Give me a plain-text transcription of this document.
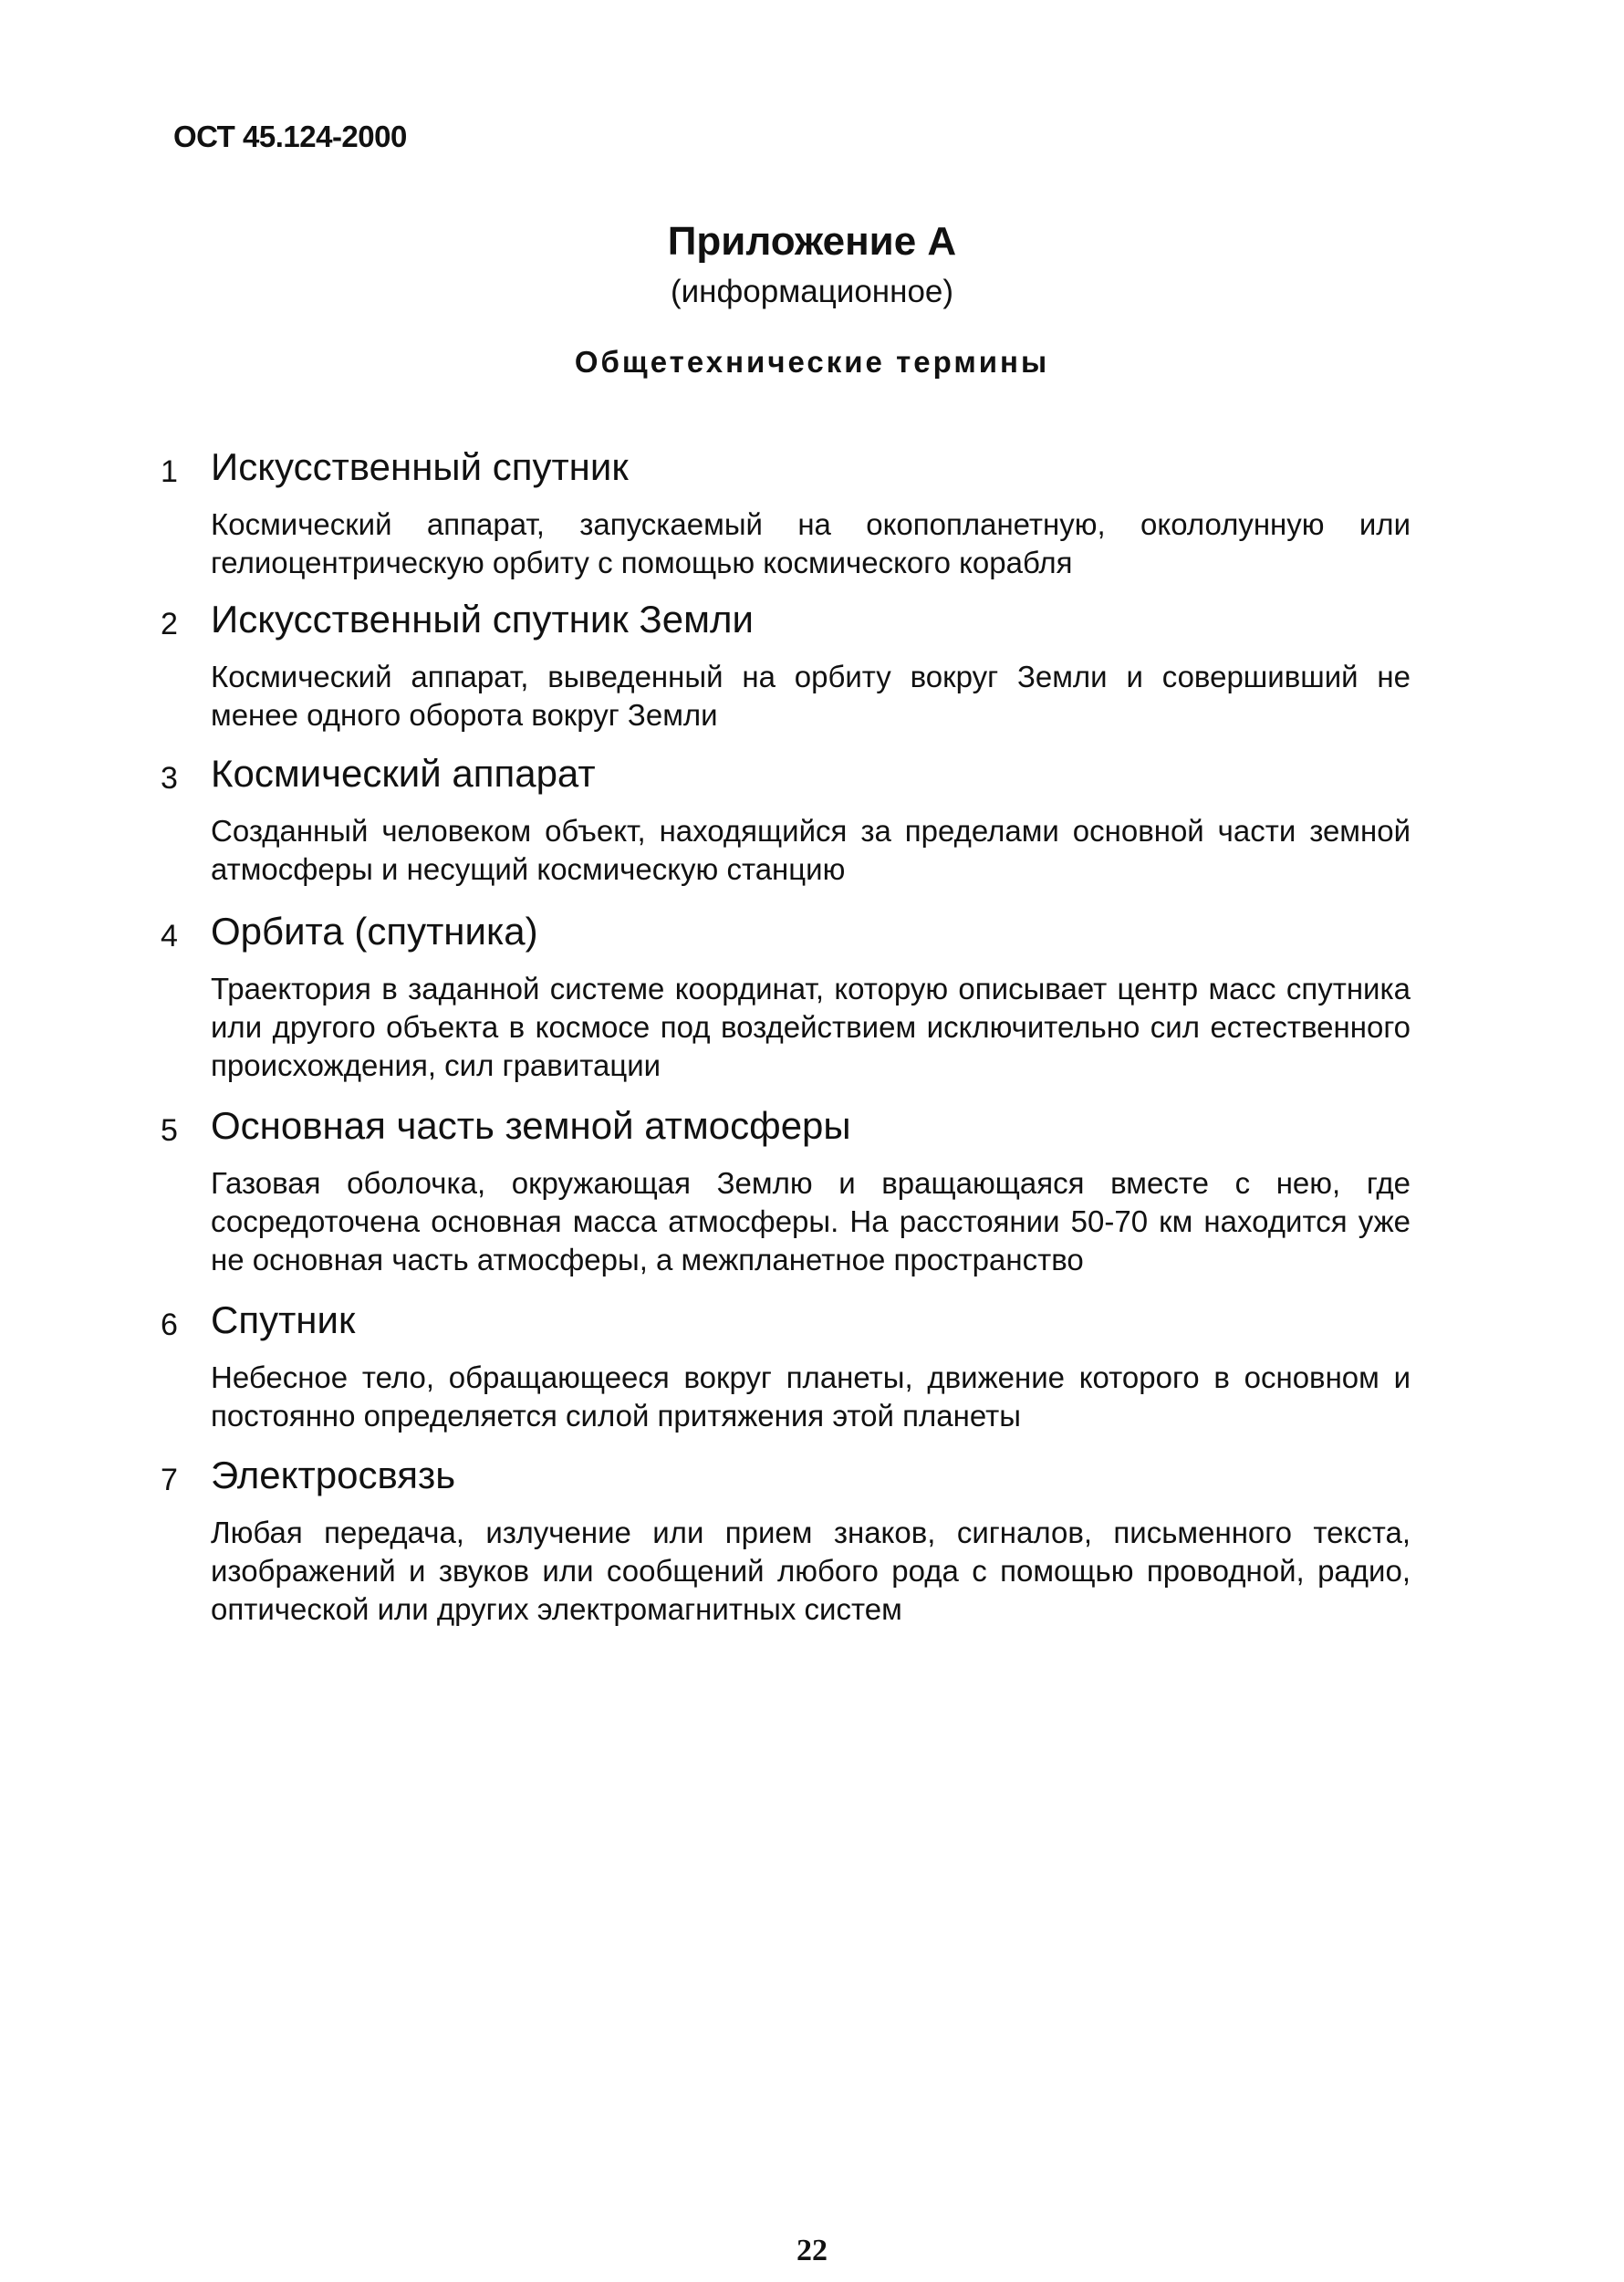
ОСТ 45.124-2000
Приложение А
(информационное)
Общетехнические термины
1 Искусственный спутник
Космический аппарат, запускаемый на окопопланетную, окололунную или гелиоцентрическую орбиту с помощью космического корабля
2 Искусственный спутник Земли
Космический аппарат, выведенный на орбиту вокруг Земли и совершивший не менее одного оборота вокруг Земли
3 Космический аппарат
Созданный человеком объект, находящийся за пределами основной части земной атмосферы и несущий космическую станцию
4 Орбита (спутника)
Траектория в заданной системе координат, которую описывает центр масс спутника или другого объекта в космосе под воздействием исключительно сил естественного происхождения, сил гравитации
5 Основная часть земной атмосферы
Газовая оболочка, окружающая Землю и вращающаяся вместе с нею, где сосредоточена основная масса атмосферы. На расстоянии 50-70 км находится уже не основная часть атмосферы, а межпланетное пространство
6 Спутник
Небесное тело, обращающееся вокруг планеты, движение которого в основном и постоянно определяется силой притяжения этой планеты
7 Электросвязь
Любая передача, излучение или прием знаков, сигналов, письменного текста, изображений и звуков или сообщений любого рода с помощью проводной, радио, оптической или других электромагнитных систем
22
